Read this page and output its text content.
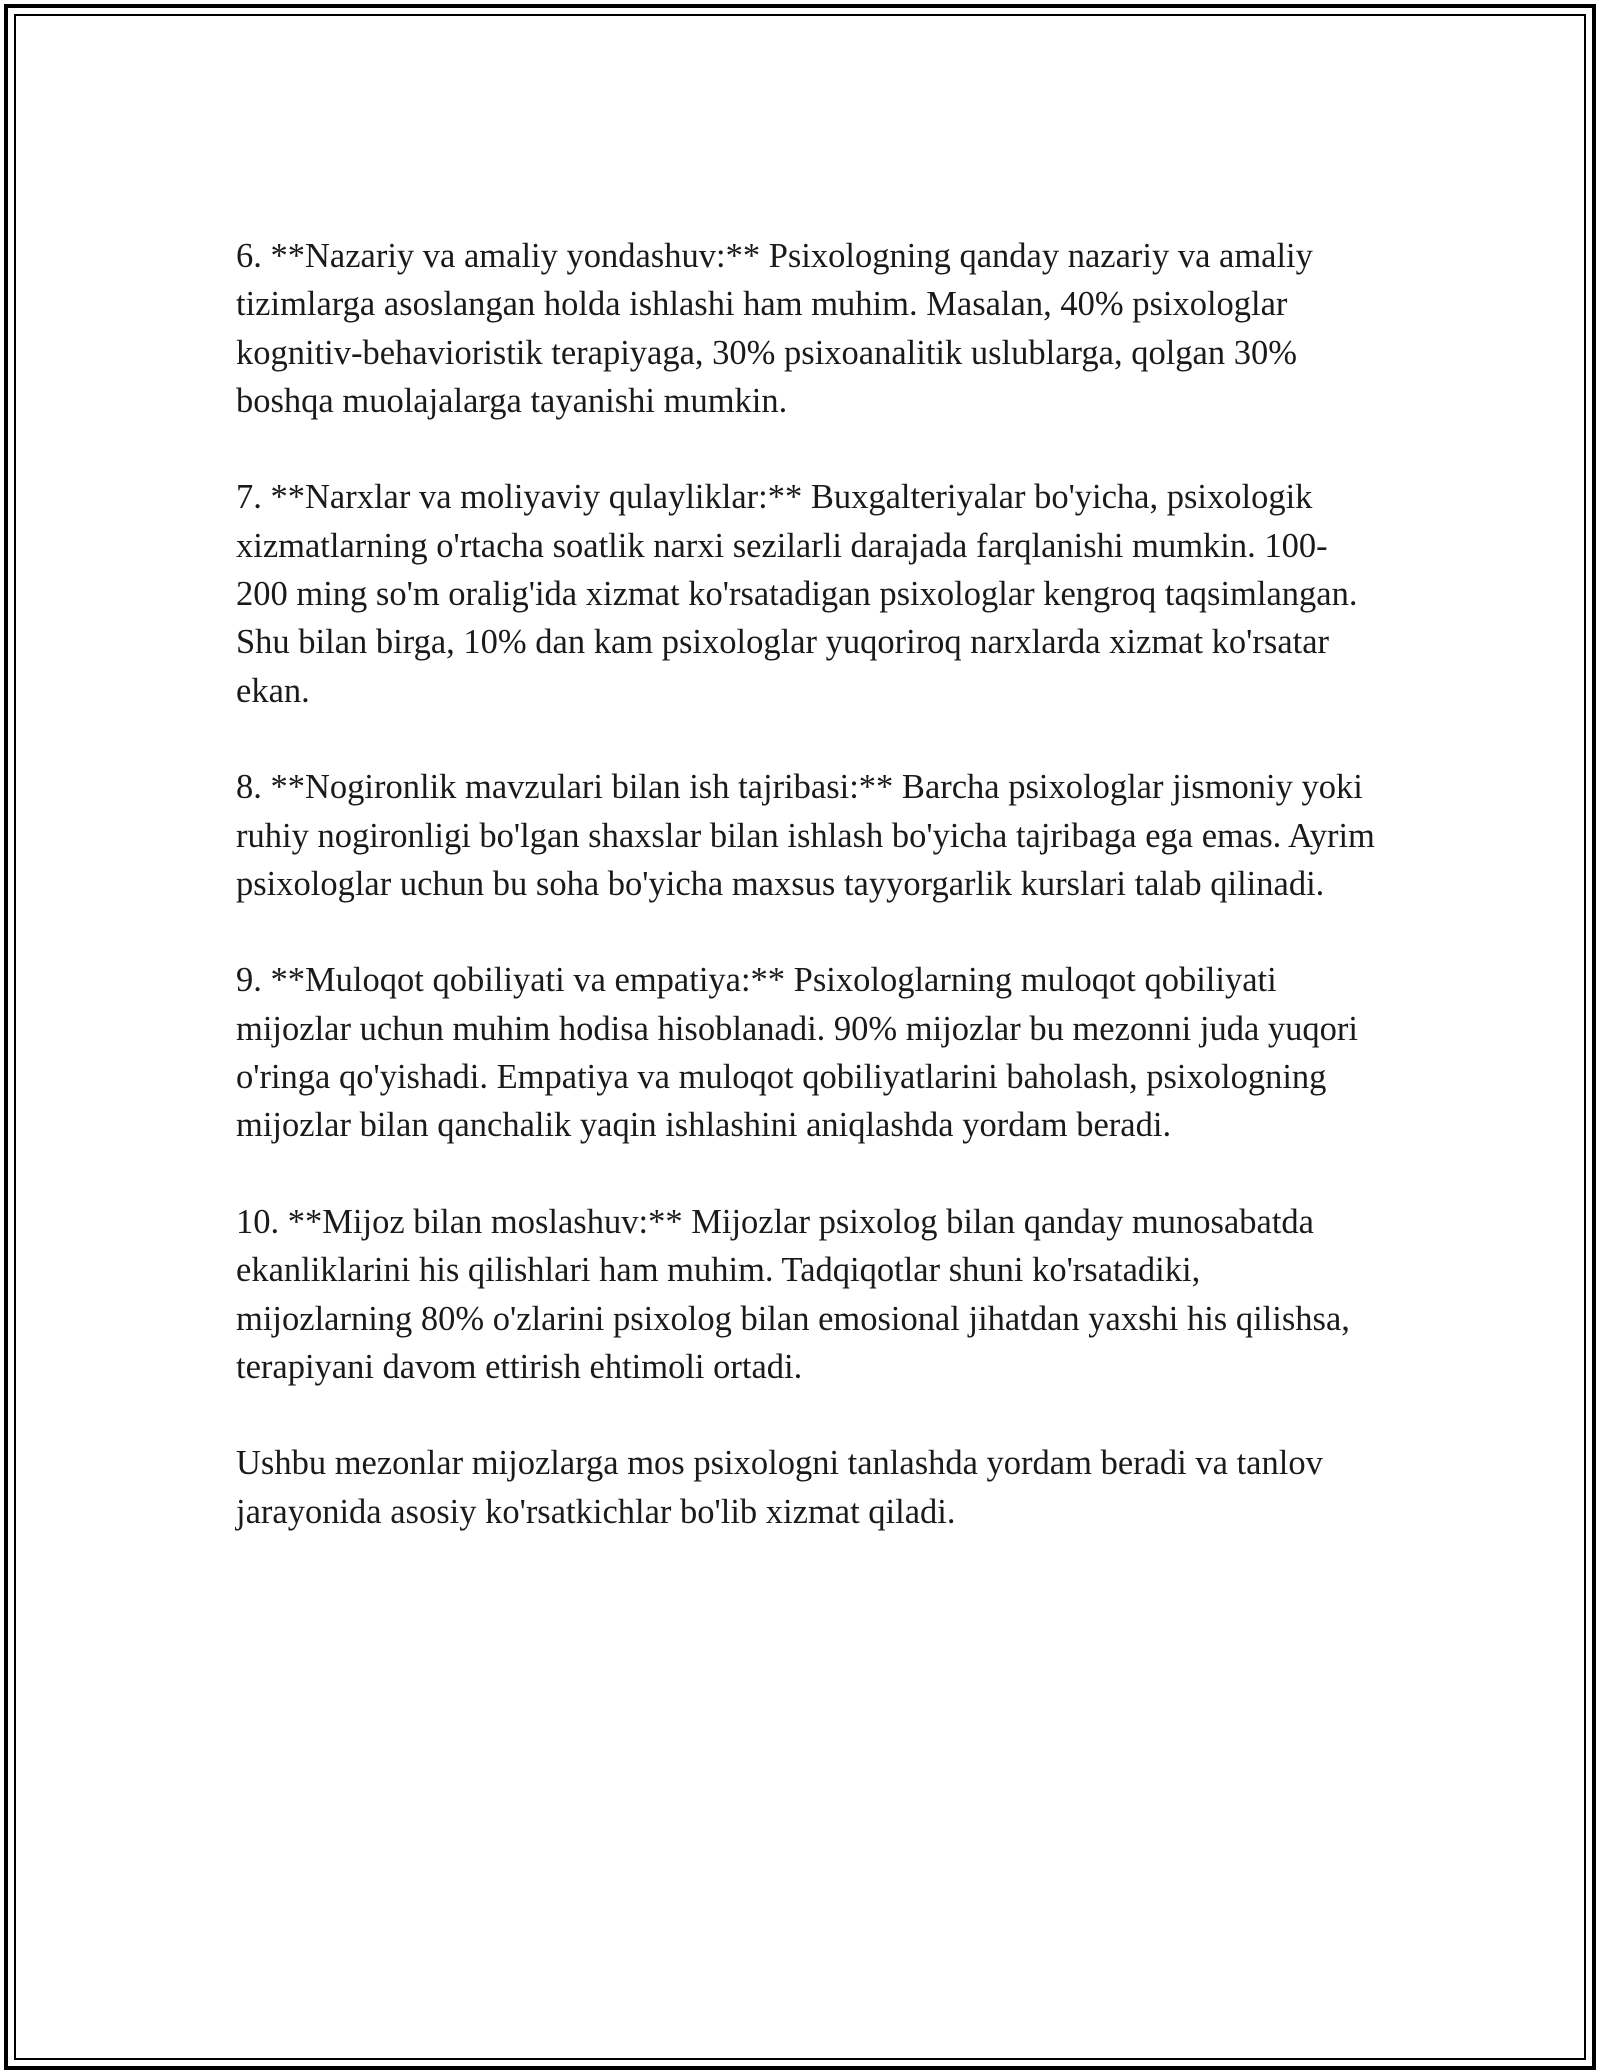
6. **Nazariy va amaliy yondashuv:** Psixologning qanday nazariy va amaliy tizimlarga asoslangan holda ishlashi ham muhim. Masalan, 40% psixologlar kognitiv-behavioristik terapiyaga, 30% psixoanalitik uslublarga, qolgan 30% boshqa muolajalarga tayanishi mumkin.

7. **Narxlar va moliyaviy qulayliklar:** Buxgalteriyalar bo'yicha, psixologik xizmatlarning o'rtacha soatlik narxi sezilarli darajada farqlanishi mumkin. 100-200 ming so'm oralig'ida xizmat ko'rsatadigan psixologlar kengroq taqsimlangan. Shu bilan birga, 10% dan kam psixologlar yuqoriroq narxlarda xizmat ko'rsatar ekan.

8. **Nogironlik mavzulari bilan ish tajribasi:** Barcha psixologlar jismoniy yoki ruhiy nogironligi bo'lgan shaxslar bilan ishlash bo'yicha tajribaga ega emas. Ayrim psixologlar uchun bu soha bo'yicha maxsus tayyorgarlik kurslari talab qilinadi.

9. **Muloqot qobiliyati va empatiya:** Psixologlarning muloqot qobiliyati mijozlar uchun muhim hodisa hisoblanadi. 90% mijozlar bu mezonni juda yuqori o'ringa qo'yishadi. Empatiya va muloqot qobiliyatlarini baholash, psixologning mijozlar bilan qanchalik yaqin ishlashini aniqlashda yordam beradi.

10. **Mijoz bilan moslashuv:** Mijozlar psixolog bilan qanday munosabatda ekanliklarini his qilishlari ham muhim. Tadqiqotlar shuni ko'rsatadiki, mijozlarning 80% o'zlarini psixolog bilan emosional jihatdan yaxshi his qilishsa, terapiyani davom ettirish ehtimoli ortadi.

Ushbu mezonlar mijozlarga mos psixologni tanlashda yordam beradi va tanlov jarayonida asosiy ko'rsatkichlar bo'lib xizmat qiladi.
